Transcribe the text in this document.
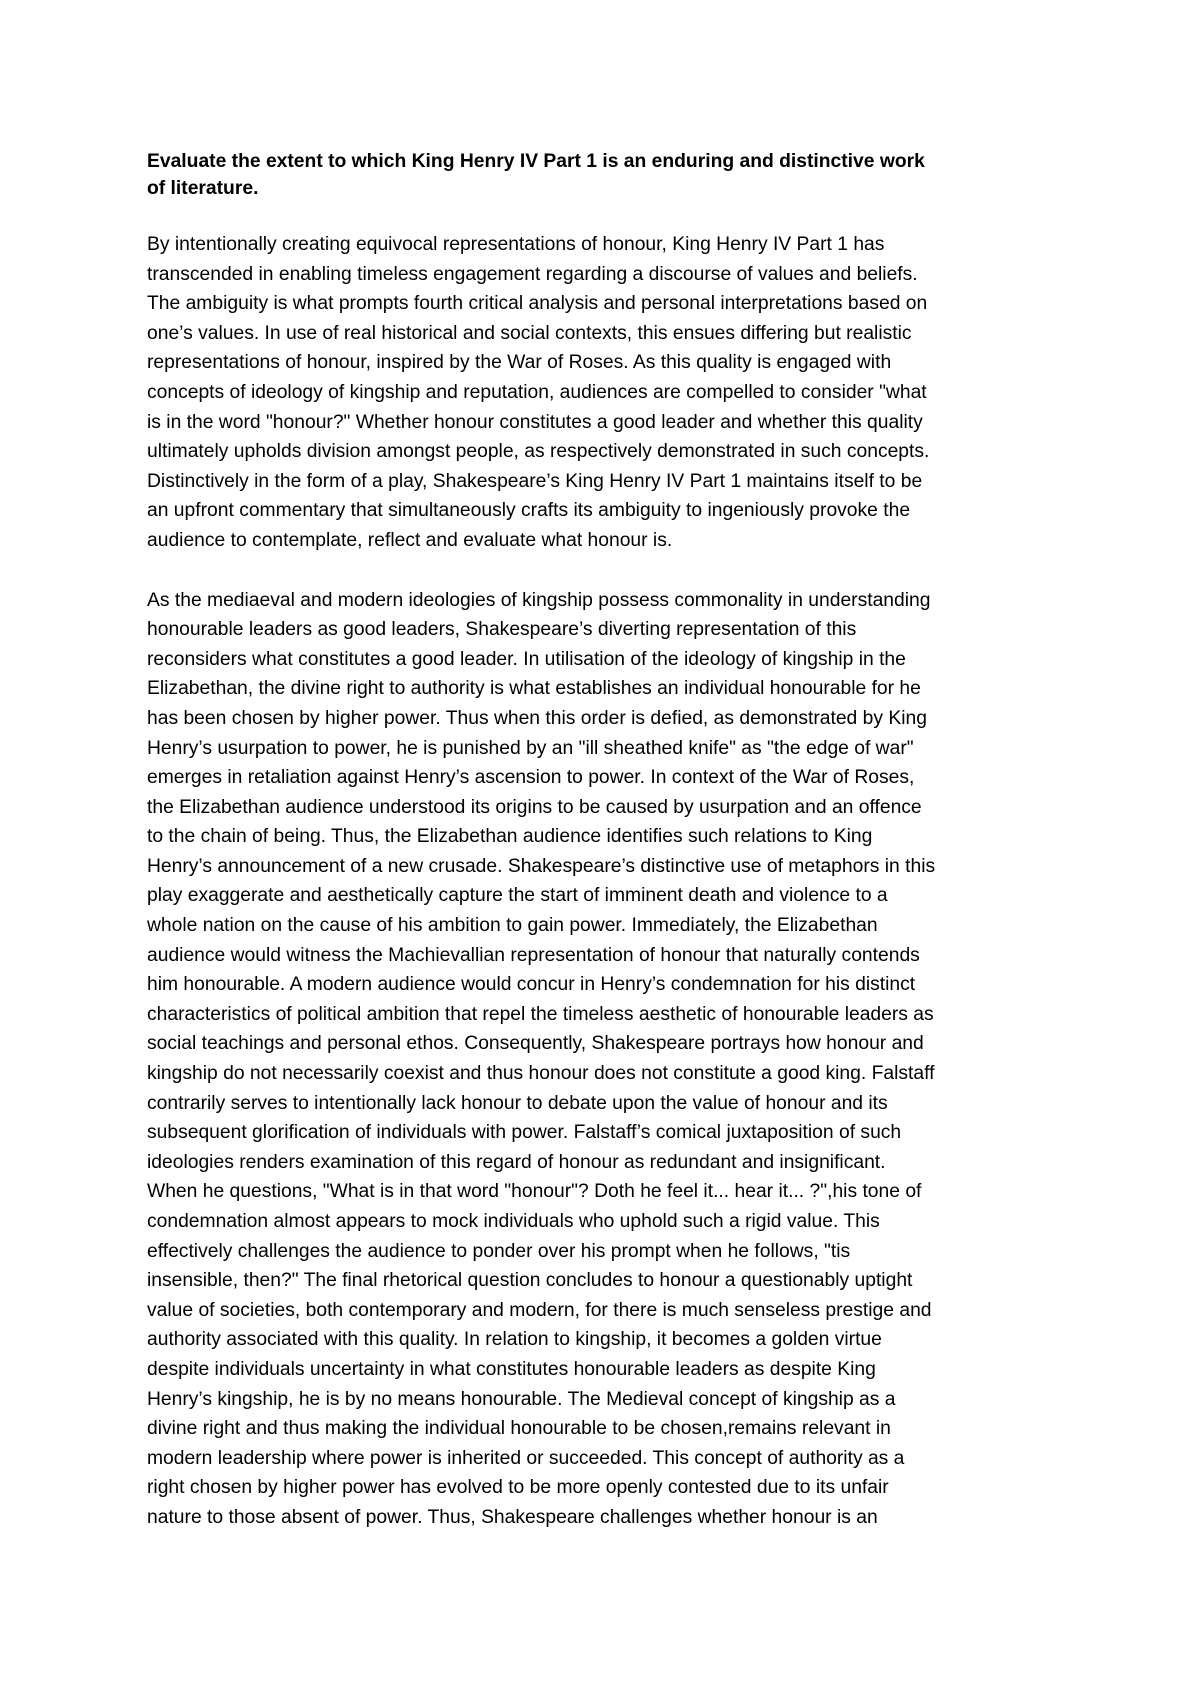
Evaluate the extent to which King Henry IV Part 1 is an enduring and distinctive work
of literature.

By intentionally creating equivocal representations of honour, King Henry IV Part 1 has
transcended in enabling timeless engagement regarding a discourse of values and beliefs.
The ambiguity is what prompts fourth critical analysis and personal interpretations based on
one’s values. In use of real historical and social contexts, this ensues differing but realistic
representations of honour, inspired by the War of Roses. As this quality is engaged with
concepts of ideology of kingship and reputation, audiences are compelled to consider "what
is in the word "honour?" Whether honour constitutes a good leader and whether this quality
ultimately upholds division amongst people, as respectively demonstrated in such concepts.
Distinctively in the form of a play, Shakespeare’s King Henry IV Part 1 maintains itself to be
an upfront commentary that simultaneously crafts its ambiguity to ingeniously provoke the
audience to contemplate, reflect and evaluate what honour is.

As the mediaeval and modern ideologies of kingship possess commonality in understanding
honourable leaders as good leaders, Shakespeare’s diverting representation of this
reconsiders what constitutes a good leader. In utilisation of the ideology of kingship in the
Elizabethan, the divine right to authority is what establishes an individual honourable for he
has been chosen by higher power. Thus when this order is defied, as demonstrated by King
Henry’s usurpation to power, he is punished by an "ill sheathed knife" as "the edge of war"
emerges in retaliation against Henry’s ascension to power. In context of the War of Roses,
the Elizabethan audience understood its origins to be caused by usurpation and an offence
to the chain of being. Thus, the Elizabethan audience identifies such relations to King
Henry’s announcement of a new crusade. Shakespeare’s distinctive use of metaphors in this
play exaggerate and aesthetically capture the start of imminent death and violence to a
whole nation on the cause of his ambition to gain power. Immediately, the Elizabethan
audience would witness the Machievallian representation of honour that naturally contends
him honourable. A modern audience would concur in Henry’s condemnation for his distinct
characteristics of political ambition that repel the timeless aesthetic of honourable leaders as
social teachings and personal ethos. Consequently, Shakespeare portrays how honour and
kingship do not necessarily coexist and thus honour does not constitute a good king. Falstaff
contrarily serves to intentionally lack honour to debate upon the value of honour and its
subsequent glorification of individuals with power. Falstaff’s comical juxtaposition of such
ideologies renders examination of this regard of honour as redundant and insignificant.
When he questions, "What is in that word "honour"? Doth he feel it... hear it... ?",his tone of
condemnation almost appears to mock individuals who uphold such a rigid value. This
effectively challenges the audience to ponder over his prompt when he follows, "tis
insensible, then?" The final rhetorical question concludes to honour a questionably uptight
value of societies, both contemporary and modern, for there is much senseless prestige and
authority associated with this quality. In relation to kingship, it becomes a golden virtue
despite individuals uncertainty in what constitutes honourable leaders as despite King
Henry’s kingship, he is by no means honourable. The Medieval concept of kingship as a
divine right and thus making the individual honourable to be chosen,remains relevant in
modern leadership where power is inherited or succeeded. This concept of authority as a
right chosen by higher power has evolved to be more openly contested due to its unfair
nature to those absent of power. Thus, Shakespeare challenges whether honour is an
